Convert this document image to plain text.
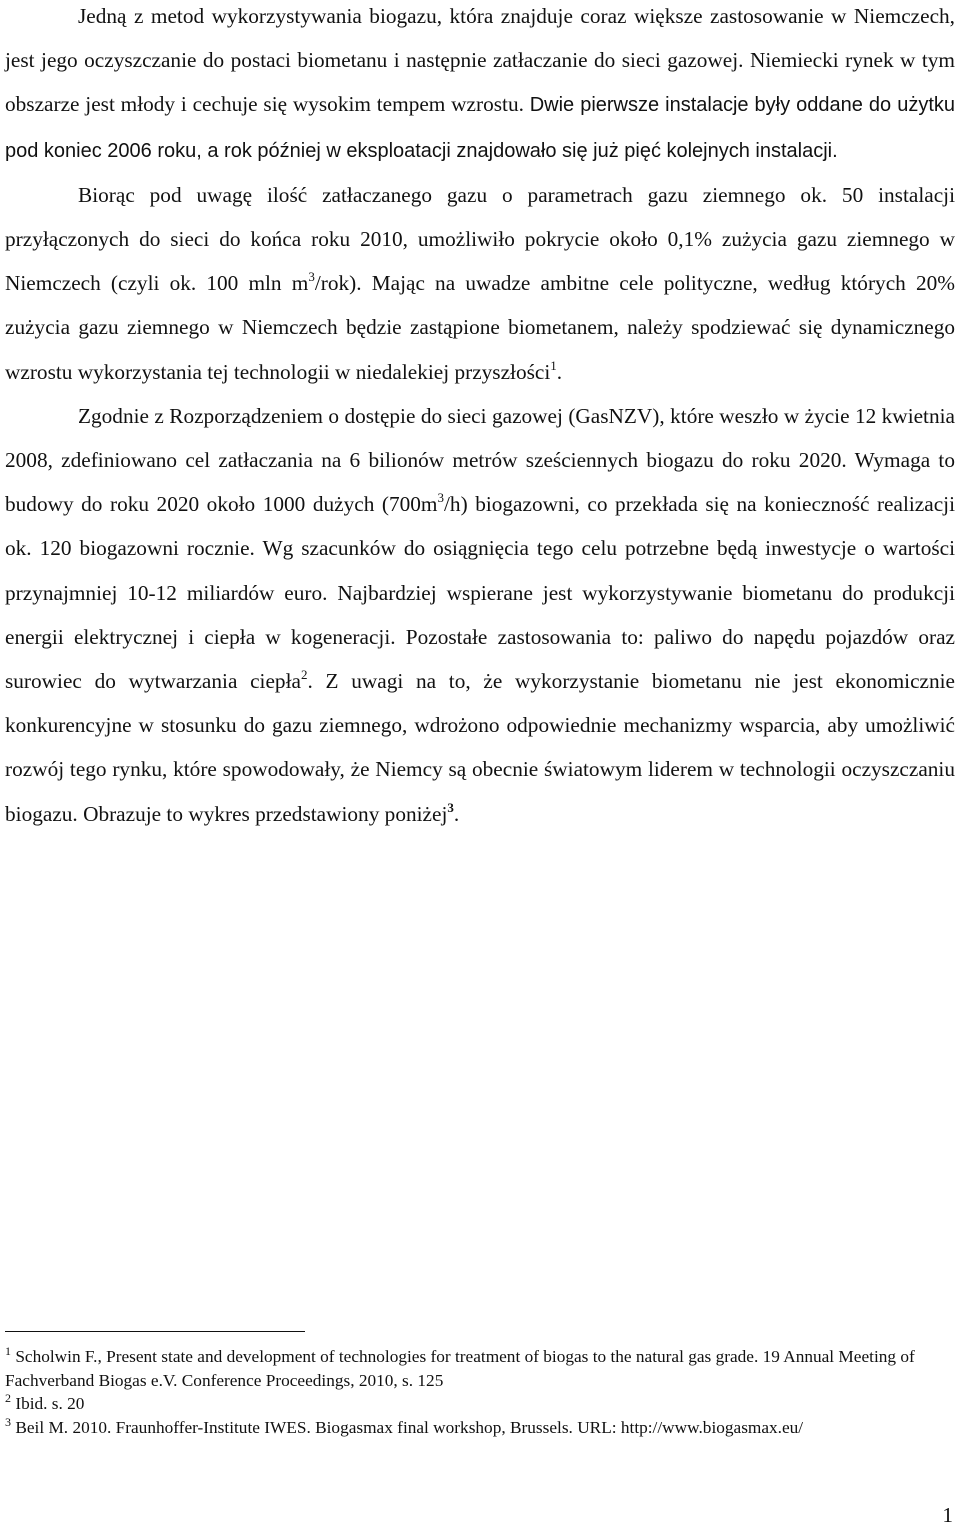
Jedną z metod wykorzystywania biogazu, która znajduje coraz większe zastosowanie w Niemczech, jest jego oczyszczanie do postaci biometanu i następnie zatłaczanie do sieci gazowej. Niemiecki rynek w tym obszarze jest młody i cechuje się wysokim tempem wzrostu. Dwie pierwsze instalacje były oddane do użytku pod koniec 2006 roku, a rok później w eksploatacji znajdowało się już pięć kolejnych instalacji.

Biorąc pod uwagę ilość zatłaczanego gazu o parametrach gazu ziemnego ok. 50 instalacji przyłączonych do sieci do końca roku 2010, umożliwiło pokrycie około 0,1% zużycia gazu ziemnego w Niemczech (czyli ok. 100 mln $m^3/rok$). Mając na uwadze ambitne cele polityczne, według których 20% zużycia gazu ziemnego w Niemczech będzie zastąpione biometanem, należy spodziewać się dynamicznego wzrostu wykorzystania tej technologii w niedalekiej przyszłości$^1$.

Zgodnie z Rozporządzeniem o dostępie do sieci gazowej (GasNZV), które weszło w życie 12 kwietnia 2008, zdefiniowano cel zatłaczania na 6 bilionów metrów sześciennych biogazu do roku 2020. Wymaga to budowy do roku 2020 około 1000 dużych $(700m^3/h)$ biogazowni, co przekłada się na konieczność realizacji ok. 120 biogazowni rocznie. Wg szacunków do osiągnięcia tego celu potrzebne będą inwestycje o wartości przynajmniej 10-12 miliardów euro. Najbardziej wspierane jest wykorzystywanie biometanu do produkcji energii elektrycznej i ciepła w kogeneracji. Pozostałe zastosowania to: paliwo do napędu pojazdów oraz surowiec do wytwarzania ciepła$^2$. Z uwagi na to, że wykorzystanie biometanu nie jest ekonomicznie konkurencyjne w stosunku do gazu ziemnego, wdrożono odpowiednie mechanizmy wsparcia, aby umożliwić rozwój tego rynku, które spowodowały, że Niemcy są obecnie światowym liderem w technologii oczyszczaniu biogazu. Obrazuje to wykres przedstawiony poniżej$^3$.

$^1$ Scholwin F., Present state and development of technologies for treatment of biogas to the natural gas grade. 19 Annual Meeting of Fachverband Biogas e.V. Conference Proceedings, 2010, s. 125

$^2$ Ibid. s. 20

$^3$ Beil M. 2010. Fraunhoffer-Institute IWES. Biogasmax final workshop, Brussels. URL: http://www.biogasmax.eu/

1
